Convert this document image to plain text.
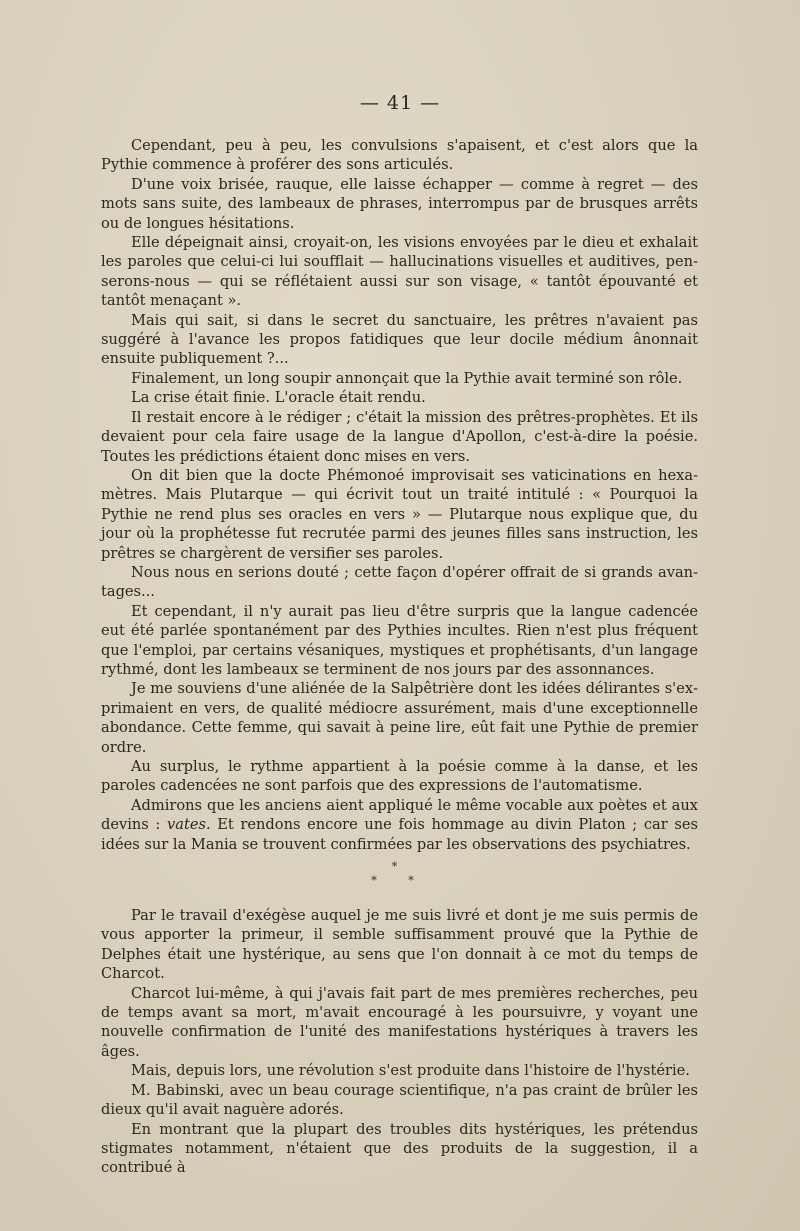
— 41 —

Cependant, peu à peu, les convulsions s'apaisent, et c'est alors que la Pythie commence à proférer des sons articulés.

D'une voix brisée, rauque, elle laisse échapper — comme à regret — des mots sans suite, des lambeaux de phrases, interrompus par de brusques arrêts ou de longues hésitations.

Elle dépeignait ainsi, croyait-on, les visions envoyées par le dieu et exhalait les paroles que celui-ci lui soufflait — hallucinations visuelles et auditives, penserons-nous — qui se réflétaient aussi sur son visage, « tantôt épouvanté et tantôt menaçant ».

Mais qui sait, si dans le secret du sanctuaire, les prêtres n'avaient pas suggéré à l'avance les propos fatidiques que leur docile médium ânonnait ensuite publiquement ?...

Finalement, un long soupir annonçait que la Pythie avait terminé son rôle.

La crise était finie. L'oracle était rendu.

Il restait encore à le rédiger ; c'était la mission des prêtres-prophètes. Et ils devaient pour cela faire usage de la langue d'Apollon, c'est-à-dire la poésie. Toutes les prédictions étaient donc mises en vers.

On dit bien que la docte Phémonoé improvisait ses vaticinations en hexamètres. Mais Plutarque — qui écrivit tout un traité intitulé : « Pourquoi la Pythie ne rend plus ses oracles en vers » — Plutarque nous explique que, du jour où la prophétesse fut recrutée parmi des jeunes filles sans instruction, les prêtres se chargèrent de versifier ses paroles.

Nous nous en serions douté ; cette façon d'opérer offrait de si grands avantages...

Et cependant, il n'y aurait pas lieu d'être surpris que la langue cadencée eut été parlée spontanément par des Pythies incultes. Rien n'est plus fréquent que l'emploi, par certains vésaniques, mystiques et prophétisants, d'un langage rythmé, dont les lambeaux se terminent de nos jours par des assonnances.

Je me souviens d'une aliénée de la Salpêtrière dont les idées délirantes s'exprimaient en vers, de qualité médiocre assurément, mais d'une exceptionnelle abondance. Cette femme, qui savait à peine lire, eût fait une Pythie de premier ordre.

Au surplus, le rythme appartient à la poésie comme à la danse, et les paroles cadencées ne sont parfois que des expressions de l'automatisme.

Admirons que les anciens aient appliqué le même vocable aux poètes et aux devins : vates. Et rendons encore une fois hommage au divin Platon ; car ses idées sur la Mania se trouvent confirmées par les observations des psychiatres.

*
* *

Par le travail d'exégèse auquel je me suis livré et dont je me suis permis de vous apporter la primeur, il semble suffisamment prouvé que la Pythie de Delphes était une hystérique, au sens que l'on donnait à ce mot du temps de Charcot.

Charcot lui-même, à qui j'avais fait part de mes premières recherches, peu de temps avant sa mort, m'avait encouragé à les poursuivre, y voyant une nouvelle confirmation de l'unité des manifestations hystériques à travers les âges.

Mais, depuis lors, une révolution s'est produite dans l'histoire de l'hystérie.

M. Babinski, avec un beau courage scientifique, n'a pas craint de brûler les dieux qu'il avait naguère adorés.

En montrant que la plupart des troubles dits hystériques, les prétendus stigmates notamment, n'étaient que des produits de la suggestion, il a contribué à
